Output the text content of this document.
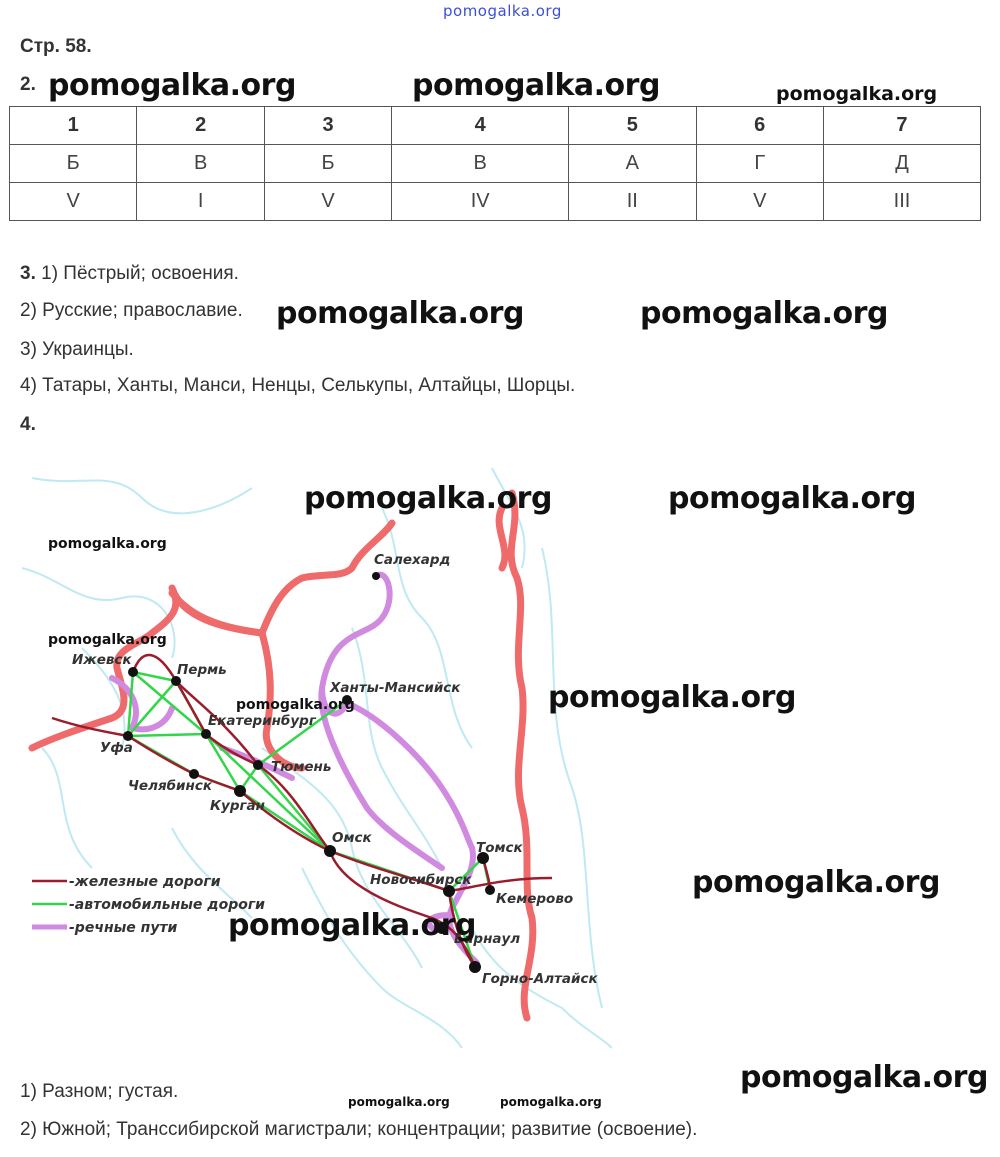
pomogalka.org
Стр. 58.
2. pomogalka.org	pomogalka.org	pomogalka.org
1	2	3	4	5	6	7
Б	В	Б	В	А	Г	Д
V	I	V	IV	II	V	III
3. 1) Пёстрый; освоения.
2) Русские; православие.
3) Украинцы.
4) Татары, Ханты, Манси, Ненцы, Селькупы, Алтайцы, Шорцы.
pomogalka.org	pomogalka.org
4.
Салехард
Ижевск
Пермь
Ханты-Мансийск
Екатеринбург
Уфа
Тюмень
Челябинск
Курган
Омск
Томск
Новосибирск
Кемерово
Барнаул
Горно-Алтайск
-железные дороги
-автомобильные дороги
-речные пути
pomogalka.org	pomogalka.org
pomogalka.org
pomogalka.org
pomogalka.org
pomogalka.org
pomogalka.org
pomogalka.org
pomogalka.org
1) Разном; густая.	pomogalka.org	pomogalka.org
2) Южной; Транссибирской магистрали; концентрации; развитие (освоение).
